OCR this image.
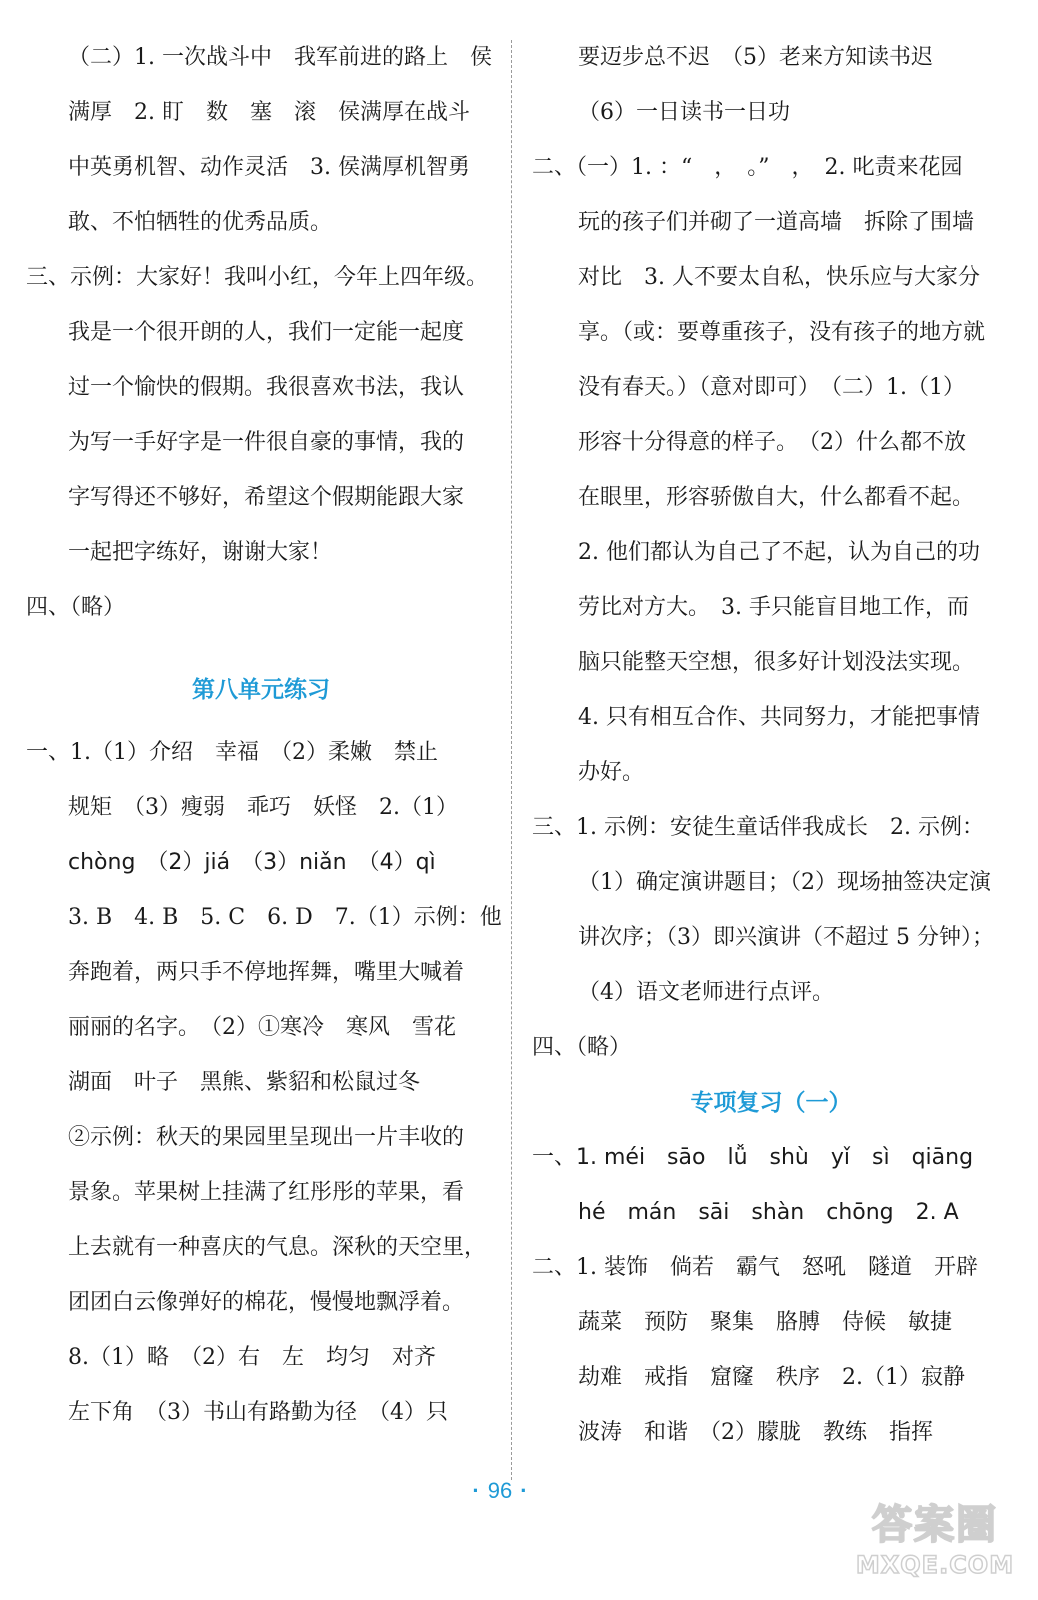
（二）1. 一次战斗中　我军前进的路上　侯
满厚　2. 盯　数　塞　滚　侯满厚在战斗
中英勇机智、动作灵活　3. 侯满厚机智勇
敢、不怕牺牲的优秀品质。
三、示例：大家好！我叫小红，今年上四年级。
我是一个很开朗的人，我们一定能一起度
过一个愉快的假期。我很喜欢书法，我认
为写一手好字是一件很自豪的事情，我的
字写得还不够好，希望这个假期能跟大家
一起把字练好，谢谢大家！
四、（略）
第八单元练习
一、1.（1）介绍　幸福　（2）柔嫩　禁止
规矩　（3）瘦弱　乖巧　妖怪　2.（1）
chòng　（2）jiá　（3）niǎn　（4）qì
3. B　4. B　5. C　6. D　7.（1）示例：他
奔跑着，两只手不停地挥舞，嘴里大喊着
丽丽的名字。　（2）①寒冷　寒风　雪花
湖面　叶子　黑熊、紫貂和松鼠过冬
②示例：秋天的果园里呈现出一片丰收的
景象。苹果树上挂满了红彤彤的苹果，看
上去就有一种喜庆的气息。深秋的天空里，
团团白云像弹好的棉花，慢慢地飘浮着。
8.（1）略　（2）右　左　均匀　对齐
左下角　（3）书山有路勤为径　（4）只
要迈步总不迟　（5）老来方知读书迟
（6）一日读书一日功
二、（一）1. ：“　，　。”　，　2. 叱责来花园
玩的孩子们并砌了一道高墙　拆除了围墙
对比　3. 人不要太自私，快乐应与大家分
享。（或：要尊重孩子，没有孩子的地方就
没有春天。）（意对即可）　（二）1.（1）
形容十分得意的样子。　（2）什么都不放
在眼里，形容骄傲自大，什么都看不起。
2. 他们都认为自己了不起，认为自己的功
劳比对方大。　3. 手只能盲目地工作，而
脑只能整天空想，很多好计划没法实现。
4. 只有相互合作、共同努力，才能把事情
办好。
三、1. 示例：安徒生童话伴我成长　2. 示例：
（1）确定演讲题目；（2）现场抽签决定演
讲次序；（3）即兴演讲（不超过 5 分钟）；
（4）语文老师进行点评。
四、（略）
专项复习（一）
一、1. méi　sāo　lǚ　shù　yǐ　sì　qiāng
hé　mán　sāi　shàn　chōng　2. A
二、1. 装饰　倘若　霸气　怒吼　隧道　开辟
蔬菜　预防　聚集　胳膊　侍候　敏捷
劫难　戒指　窟窿　秩序　2.（1）寂静
波涛　和谐　（2）朦胧　教练　指挥
· 96 ·
答案圈
MXQE.COM
